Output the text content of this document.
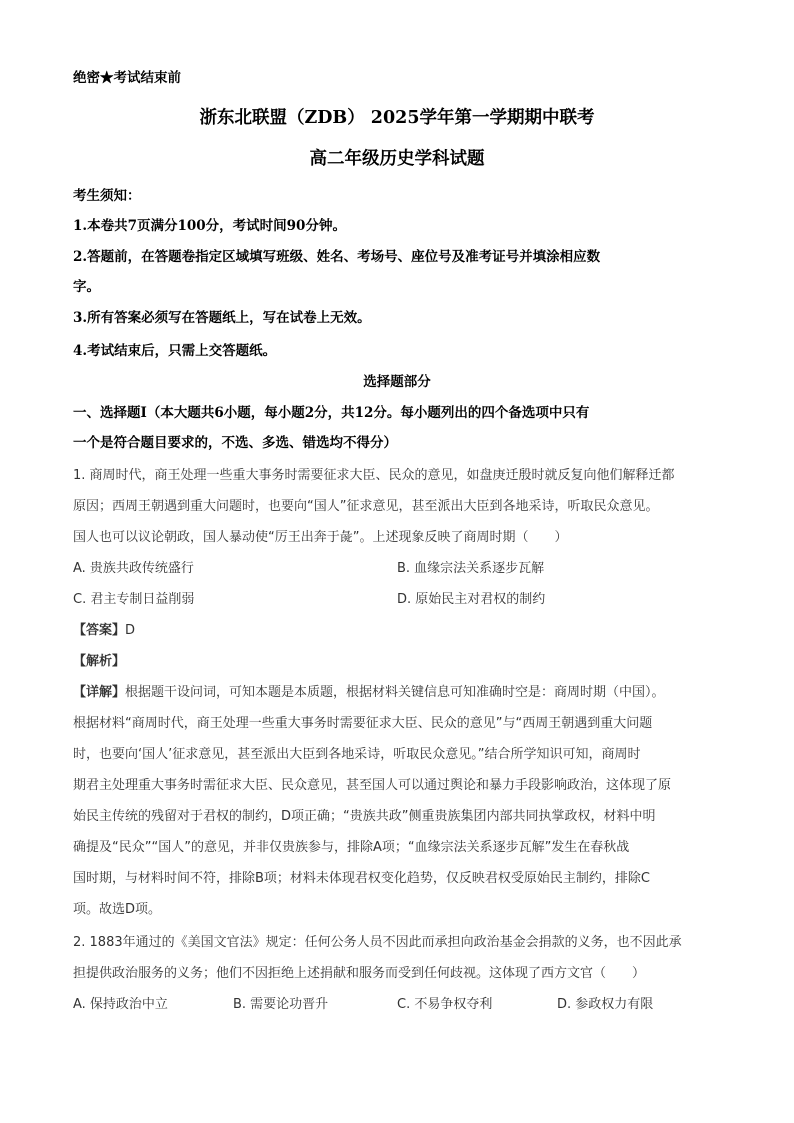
绝密★考试结束前
浙东北联盟（ZDB） 2025学年第一学期期中联考
高二年级历史学科试题
考生须知：
1.本卷共7页满分100分，考试时间90分钟。
2.答题前，在答题卷指定区域填写班级、姓名、考场号、座位号及准考证号并填涂相应数
字。
3.所有答案必须写在答题纸上，写在试卷上无效。
4.考试结束后，只需上交答题纸。
选择题部分
一、选择题Ⅰ（本大题共6小题，每小题2分，共12分。每小题列出的四个备选项中只有
一个是符合题目要求的，不选、多选、错选均不得分）
1. 商周时代，商王处理一些重大事务时需要征求大臣、民众的意见，如盘庚迁殷时就反复向他们解释迁都
原因；西周王朝遇到重大问题时，也要向“国人”征求意见，甚至派出大臣到各地采诗，听取民众意见。
国人也可以议论朝政，国人暴动使“厉王出奔于彘”。上述现象反映了商周时期（　　）
A. 贵族共政传统盛行	B. 血缘宗法关系逐步瓦解
C. 君主专制日益削弱	D. 原始民主对君权的制约
【答案】D
【解析】
【详解】根据题干设问词，可知本题是本质题，根据材料关键信息可知准确时空是：商周时期（中国）。
根据材料“商周时代，商王处理一些重大事务时需要征求大臣、民众的意见”与“西周王朝遇到重大问题
时，也要向‘国人’征求意见，甚至派出大臣到各地采诗，听取民众意见。”结合所学知识可知，商周时
期君主处理重大事务时需征求大臣、民众意见，甚至国人可以通过舆论和暴力手段影响政治，这体现了原
始民主传统的残留对于君权的制约，D项正确；“贵族共政”侧重贵族集团内部共同执掌政权，材料中明
确提及“民众”“国人”的意见，并非仅贵族参与，排除A项；“血缘宗法关系逐步瓦解”发生在春秋战
国时期，与材料时间不符，排除B项；材料未体现君权变化趋势，仅反映君权受原始民主制约，排除C
项。故选D项。
2. 1883年通过的《美国文官法》规定：任何公务人员不因此而承担向政治基金会捐款的义务，也不因此承
担提供政治服务的义务；他们不因拒绝上述捐献和服务而受到任何歧视。这体现了西方文官（　　）
A. 保持政治中立	B. 需要论功晋升	C. 不易争权夺利	D. 参政权力有限
